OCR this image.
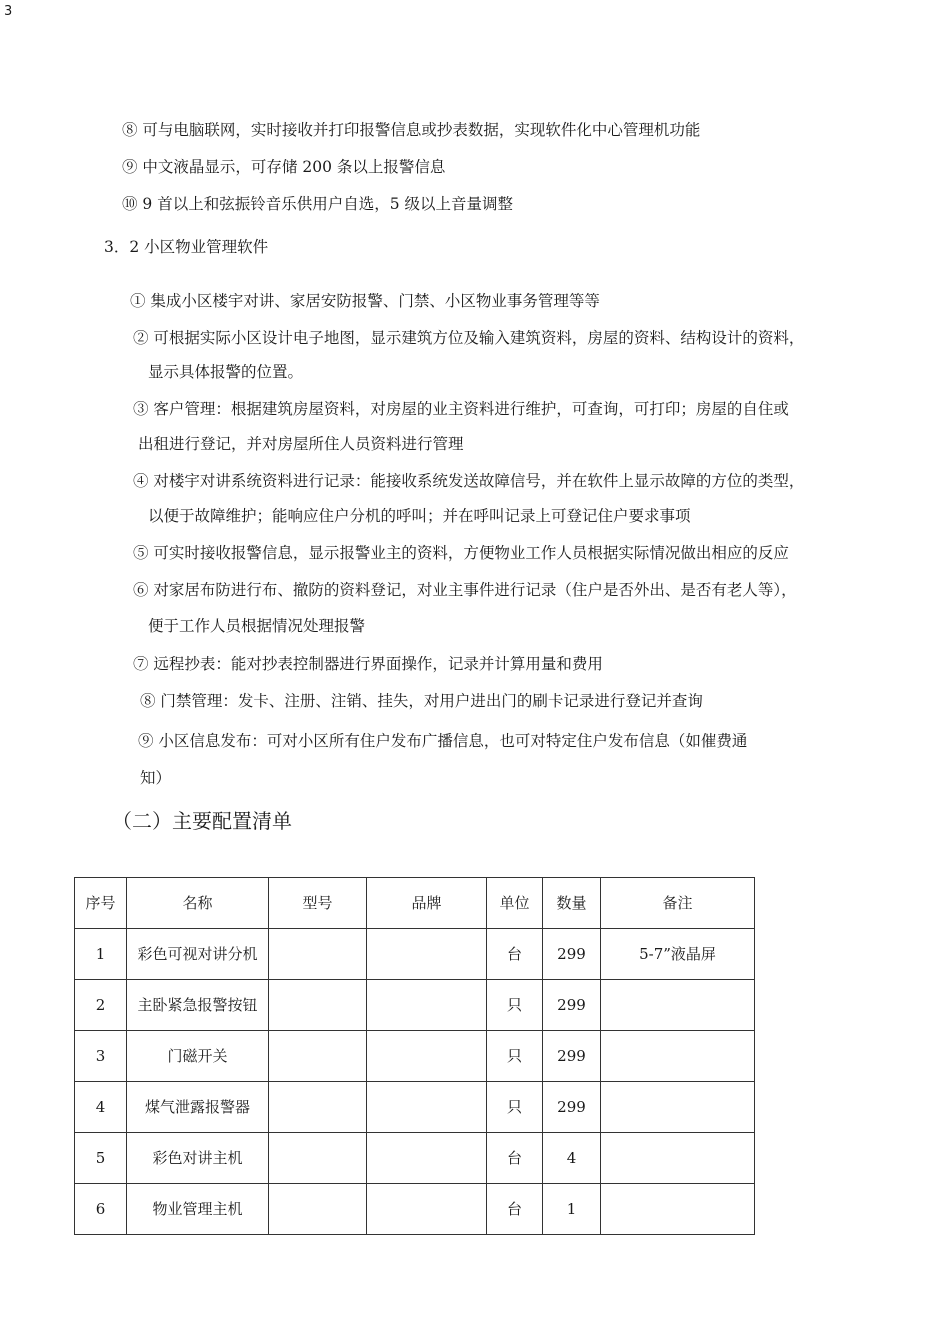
3
⑧ 可与电脑联网，实时接收并打印报警信息或抄表数据，实现软件化中心管理机功能
⑨ 中文液晶显示，可存储 200 条以上报警信息
⑩ 9 首以上和弦振铃音乐供用户自选，5 级以上音量调整
3．2 小区物业管理软件
① 集成小区楼宇对讲、家居安防报警、门禁、小区物业事务管理等等
② 可根据实际小区设计电子地图，显示建筑方位及输入建筑资料，房屋的资料、结构设计的资料，
显示具体报警的位置。
③ 客户管理：根据建筑房屋资料，对房屋的业主资料进行维护，可查询，可打印；房屋的自住或
出租进行登记，并对房屋所住人员资料进行管理
④ 对楼宇对讲系统资料进行记录：能接收系统发送故障信号，并在软件上显示故障的方位的类型，
以便于故障维护；能响应住户分机的呼叫；并在呼叫记录上可登记住户要求事项
⑤ 可实时接收报警信息，显示报警业主的资料，方便物业工作人员根据实际情况做出相应的反应
⑥ 对家居布防进行布、撤防的资料登记，对业主事件进行记录（住户是否外出、是否有老人等），
便于工作人员根据情况处理报警
⑦ 远程抄表：能对抄表控制器进行界面操作，记录并计算用量和费用
⑧ 门禁管理：发卡、注册、注销、挂失，对用户进出门的刷卡记录进行登记并查询
⑨ 小区信息发布：可对小区所有住户发布广播信息，也可对特定住户发布信息（如催费通
知）
（二）主要配置清单
序号	名称	型号	品牌	单位	数量	备注
1	彩色可视对讲分机			台	299	5-7”液晶屏
2	主卧紧急报警按钮			只	299	
3	门磁开关			只	299	
4	煤气泄露报警器			只	299	
5	彩色对讲主机			台	4	
6	物业管理主机			台	1	
